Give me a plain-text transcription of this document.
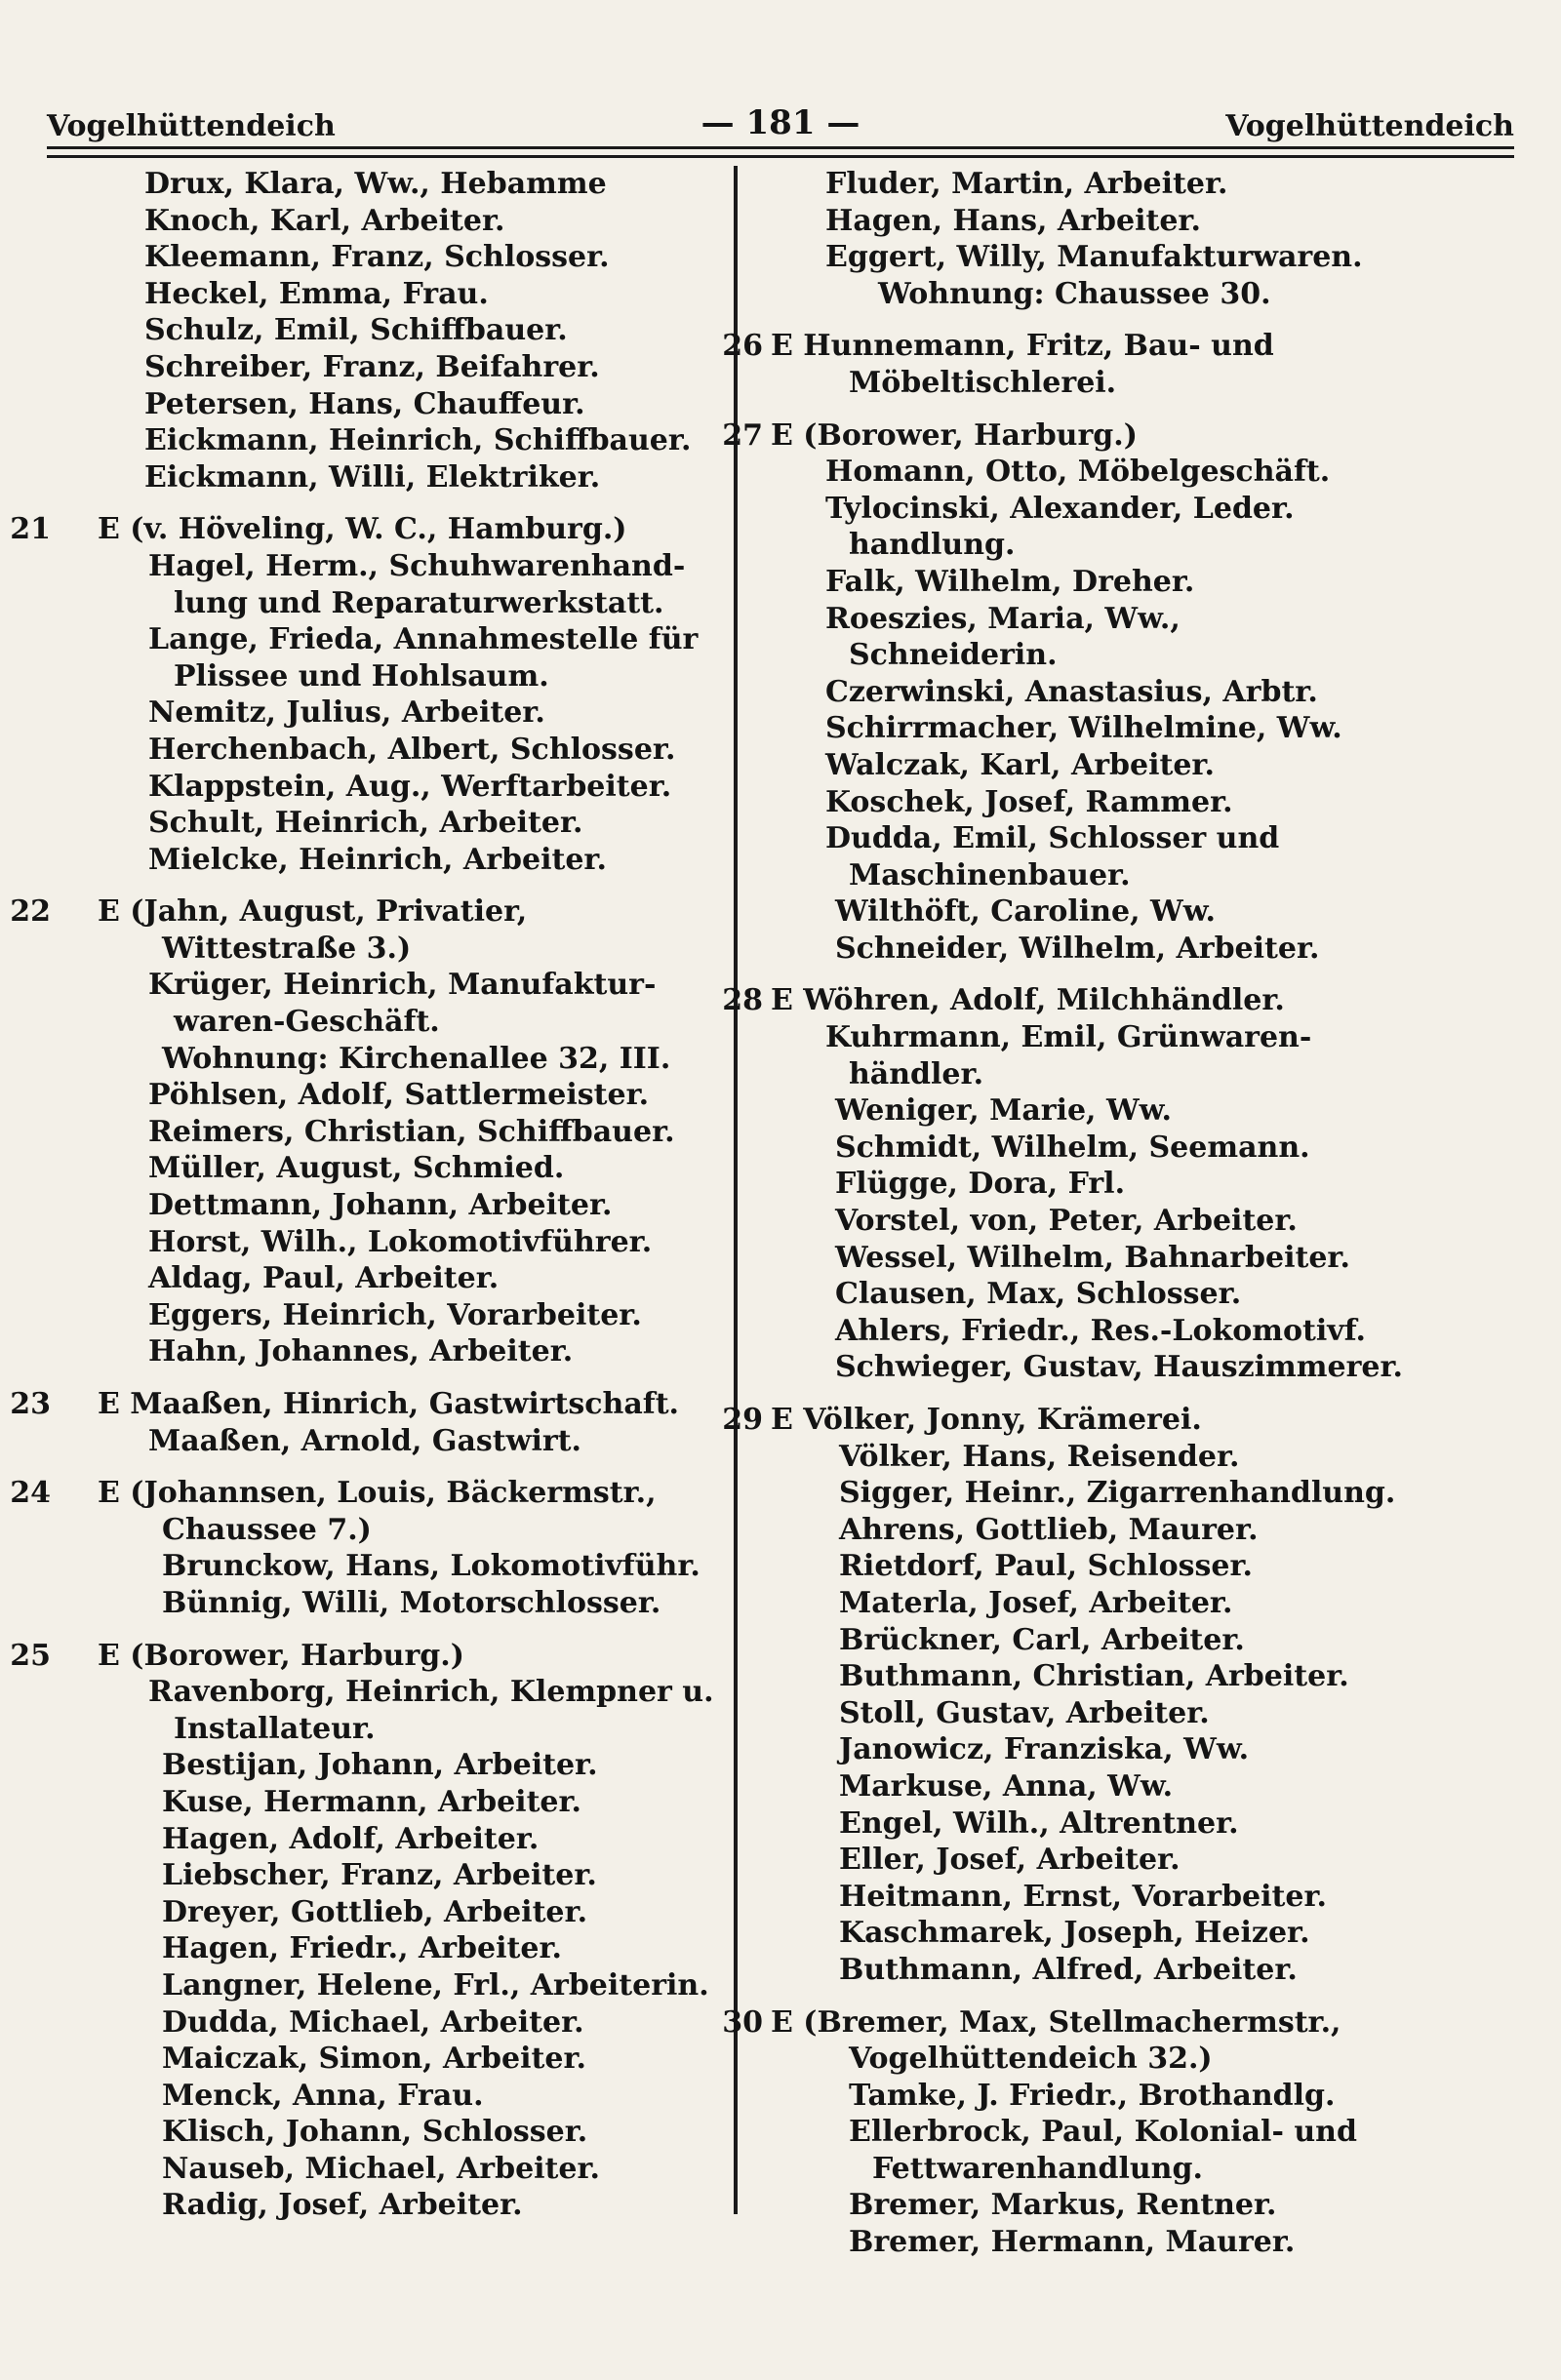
Vogelhüttendeich	— 181 —	Vogelhüttendeich
Drux, Klara, Ww., Hebamme
Knoch, Karl, Arbeiter.
Kleemann, Franz, Schlosser.
Heckel, Emma, Frau.
Schulz, Emil, Schiffbauer.
Schreiber, Franz, Beifahrer.
Petersen, Hans, Chauffeur.
Eickmann, Heinrich, Schiffbauer.
Eickmann, Willi, Elektriker.
21 E (v. Höveling, W. C., Hamburg.)
Hagel, Herm., Schuhwarenhand-
lung und Reparaturwerkstatt.
Lange, Frieda, Annahmestelle für
Plissee und Hohlsaum.
Nemitz, Julius, Arbeiter.
Herchenbach, Albert, Schlosser.
Klappstein, Aug., Werftarbeiter.
Schult, Heinrich, Arbeiter.
Mielcke, Heinrich, Arbeiter.
22 E (Jahn, August, Privatier,
Wittestraße 3.)
Krüger, Heinrich, Manufaktur-
waren-Geschäft.
Wohnung: Kirchenallee 32, III.
Pöhlsen, Adolf, Sattlermeister.
Reimers, Christian, Schiffbauer.
Müller, August, Schmied.
Dettmann, Johann, Arbeiter.
Horst, Wilh., Lokomotivführer.
Aldag, Paul, Arbeiter.
Eggers, Heinrich, Vorarbeiter.
Hahn, Johannes, Arbeiter.
23 E Maaßen, Hinrich, Gastwirtschaft.
Maaßen, Arnold, Gastwirt.
24 E (Johannsen, Louis, Bäckermstr.,
Chaussee 7.)
Brunckow, Hans, Lokomotivführ.
Bünnig, Willi, Motorschlosser.
25 E (Borower, Harburg.)
Ravenborg, Heinrich, Klempner u.
Installateur.
Bestijan, Johann, Arbeiter.
Kuse, Hermann, Arbeiter.
Hagen, Adolf, Arbeiter.
Liebscher, Franz, Arbeiter.
Dreyer, Gottlieb, Arbeiter.
Hagen, Friedr., Arbeiter.
Langner, Helene, Frl., Arbeiterin.
Dudda, Michael, Arbeiter.
Maiczak, Simon, Arbeiter.
Menck, Anna, Frau.
Klisch, Johann, Schlosser.
Nauseb, Michael, Arbeiter.
Radig, Josef, Arbeiter.
Fluder, Martin, Arbeiter.
Hagen, Hans, Arbeiter.
Eggert, Willy, Manufakturwaren.
Wohnung: Chaussee 30.
26 E Hunnemann, Fritz, Bau- und
Möbeltischlerei.
27 E (Borower, Harburg.)
Homann, Otto, Möbelgeschäft.
Tylocinski, Alexander, Leder.
handlung.
Falk, Wilhelm, Dreher.
Roeszies, Maria, Ww.,
Schneiderin.
Czerwinski, Anastasius, Arbtr.
Schirrmacher, Wilhelmine, Ww.
Walczak, Karl, Arbeiter.
Koschek, Josef, Rammer.
Dudda, Emil, Schlosser und
Maschinenbauer.
Wilthöft, Caroline, Ww.
Schneider, Wilhelm, Arbeiter.
28 E Wöhren, Adolf, Milchhändler.
Kuhrmann, Emil, Grünwaren-
händler.
Weniger, Marie, Ww.
Schmidt, Wilhelm, Seemann.
Flügge, Dora, Frl.
Vorstel, von, Peter, Arbeiter.
Wessel, Wilhelm, Bahnarbeiter.
Clausen, Max, Schlosser.
Ahlers, Friedr., Res.-Lokomotivf.
Schwieger, Gustav, Hauszimmerer.
29 E Völker, Jonny, Krämerei.
Völker, Hans, Reisender.
Sigger, Heinr., Zigarrenhandlung.
Ahrens, Gottlieb, Maurer.
Rietdorf, Paul, Schlosser.
Materla, Josef, Arbeiter.
Brückner, Carl, Arbeiter.
Buthmann, Christian, Arbeiter.
Stoll, Gustav, Arbeiter.
Janowicz, Franziska, Ww.
Markuse, Anna, Ww.
Engel, Wilh., Altrentner.
Eller, Josef, Arbeiter.
Heitmann, Ernst, Vorarbeiter.
Kaschmarek, Joseph, Heizer.
Buthmann, Alfred, Arbeiter.
30 E (Bremer, Max, Stellmachermstr.,
Vogelhüttendeich 32.)
Tamke, J. Friedr., Brothandlg.
Ellerbrock, Paul, Kolonial- und
Fettwarenhandlung.
Bremer, Markus, Rentner.
Bremer, Hermann, Maurer.
